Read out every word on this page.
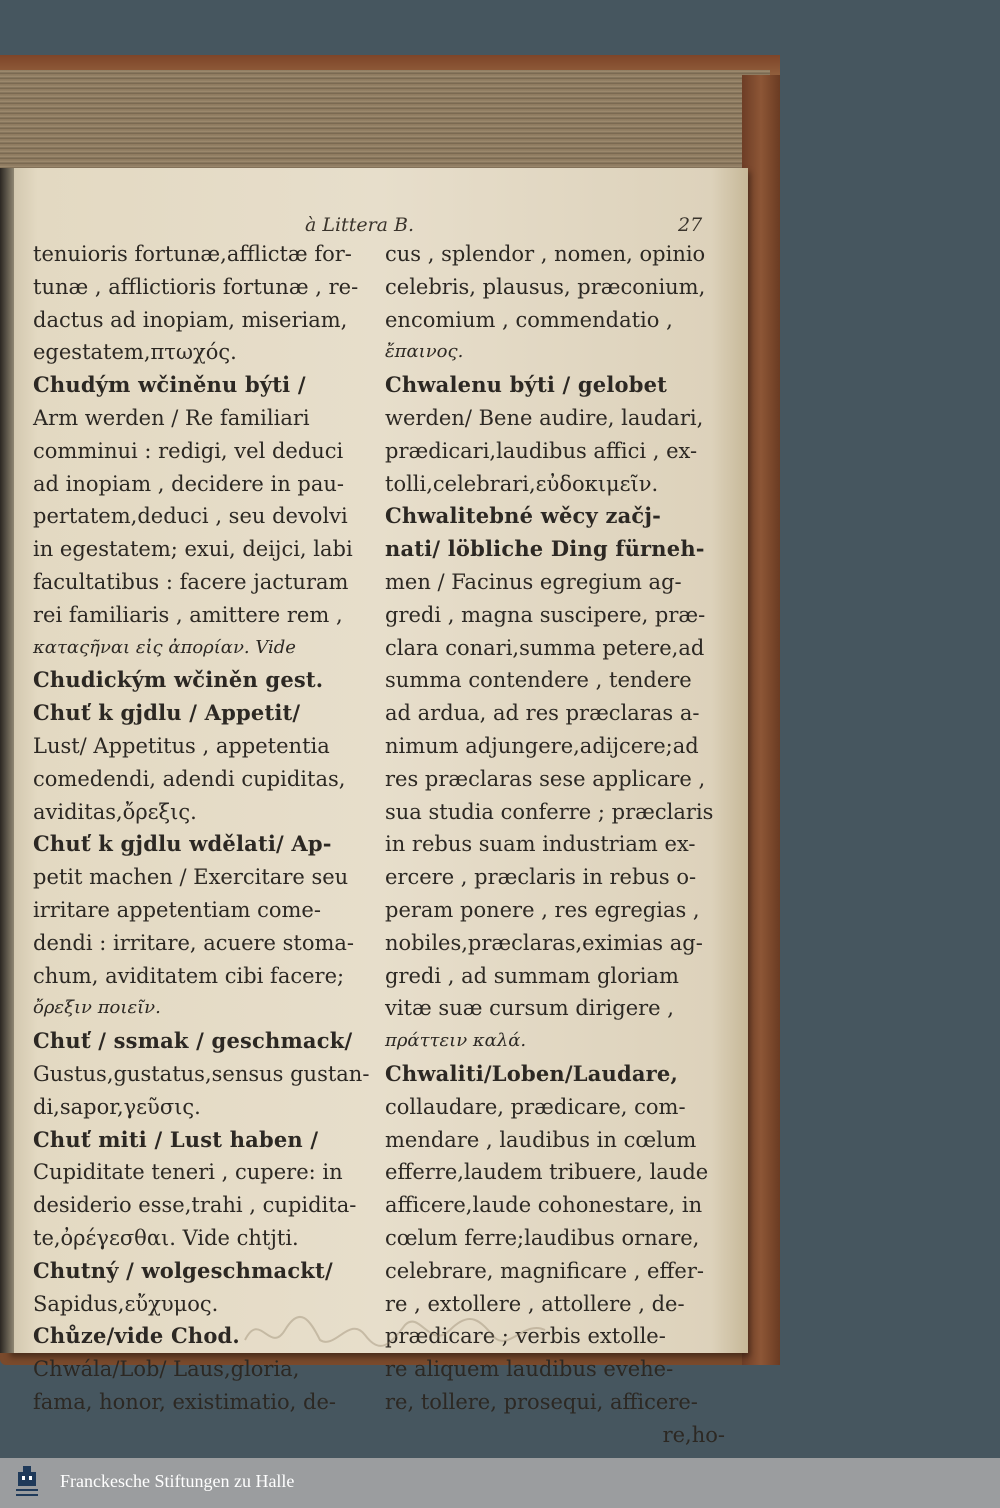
à Littera B.	27
tenuioris fortunæ,afflictæ for-
tunæ , afflictioris fortunæ , re-
dactus ad inopiam, miseriam,
egestatem,πτωχός.
Chudým wčiněnu býti /
Arm werden / Re familiari
comminui : redigi, vel deduci
ad inopiam , decidere in pau-
pertatem,deduci , seu devolvi
in egestatem; exui, deijci, labi
facultatibus : facere jacturam
rei familiaris , amittere rem ,
καταςῆναι εἰς ἀπορίαν. Vide
Chudickým wčiněn gest.
Chuť k gjdlu / Appetit/
Lust/ Appetitus , appetentia
comedendi, adendi cupiditas,
aviditas,ὄρεξις.
Chuť k gjdlu wdělati/ Ap-
petit machen / Exercitare seu
irritare appetentiam come-
dendi : irritare, acuere stoma-
chum, aviditatem cibi facere;
ὄρεξιν ποιεῖν.
Chuť / ssmak / geschmack/
Gustus,gustatus,sensus gustan-
di,sapor,γεῦσις.
Chuť miti / Lust haben /
Cupiditate teneri , cupere: in
desiderio esse,trahi , cupidita-
te,ὀρέγεσθαι. Vide chtjti.
Chutný / wolgeschmackt/
Sapidus,εὔχυμος.
Chůze/vide Chod.
Chwála/Lob/ Laus,gloria,
fama, honor, existimatio, de-
cus , splendor , nomen, opinio
celebris, plausus, præconium,
encomium , commendatio ,
ἔπαινος.
Chwalenu býti / gelobet
werden/ Bene audire, laudari,
prædicari,laudibus affici , ex-
tolli,celebrari,εὐδοκιμεῖν.
Chwalitebné wěcy začj-
nati/ löbliche Ding fürneh-
men / Facinus egregium ag-
gredi , magna suscipere, præ-
clara conari,summa petere,ad
summa contendere , tendere
ad ardua, ad res præclaras a-
nimum adjungere,adijcere;ad
res præclaras sese applicare ,
sua studia conferre ; præclaris
in rebus suam industriam ex-
ercere , præclaris in rebus o-
peram ponere , res egregias ,
nobiles,præclaras,eximias ag-
gredi , ad summam gloriam
vitæ suæ cursum dirigere ,
πράττειν καλά.
Chwaliti/Loben/Laudare,
collaudare, prædicare, com-
mendare , laudibus in cœlum
efferre,laudem tribuere, laude
afficere,laude cohonestare, in
cœlum ferre;laudibus ornare,
celebrare, magnificare , effer-
re , extollere , attollere , de-
prædicare ; verbis extolle-
re aliquem laudibus evehe-
re, tollere, prosequi, afficere-
re,ho-
Franckesche Stiftungen zu Halle
